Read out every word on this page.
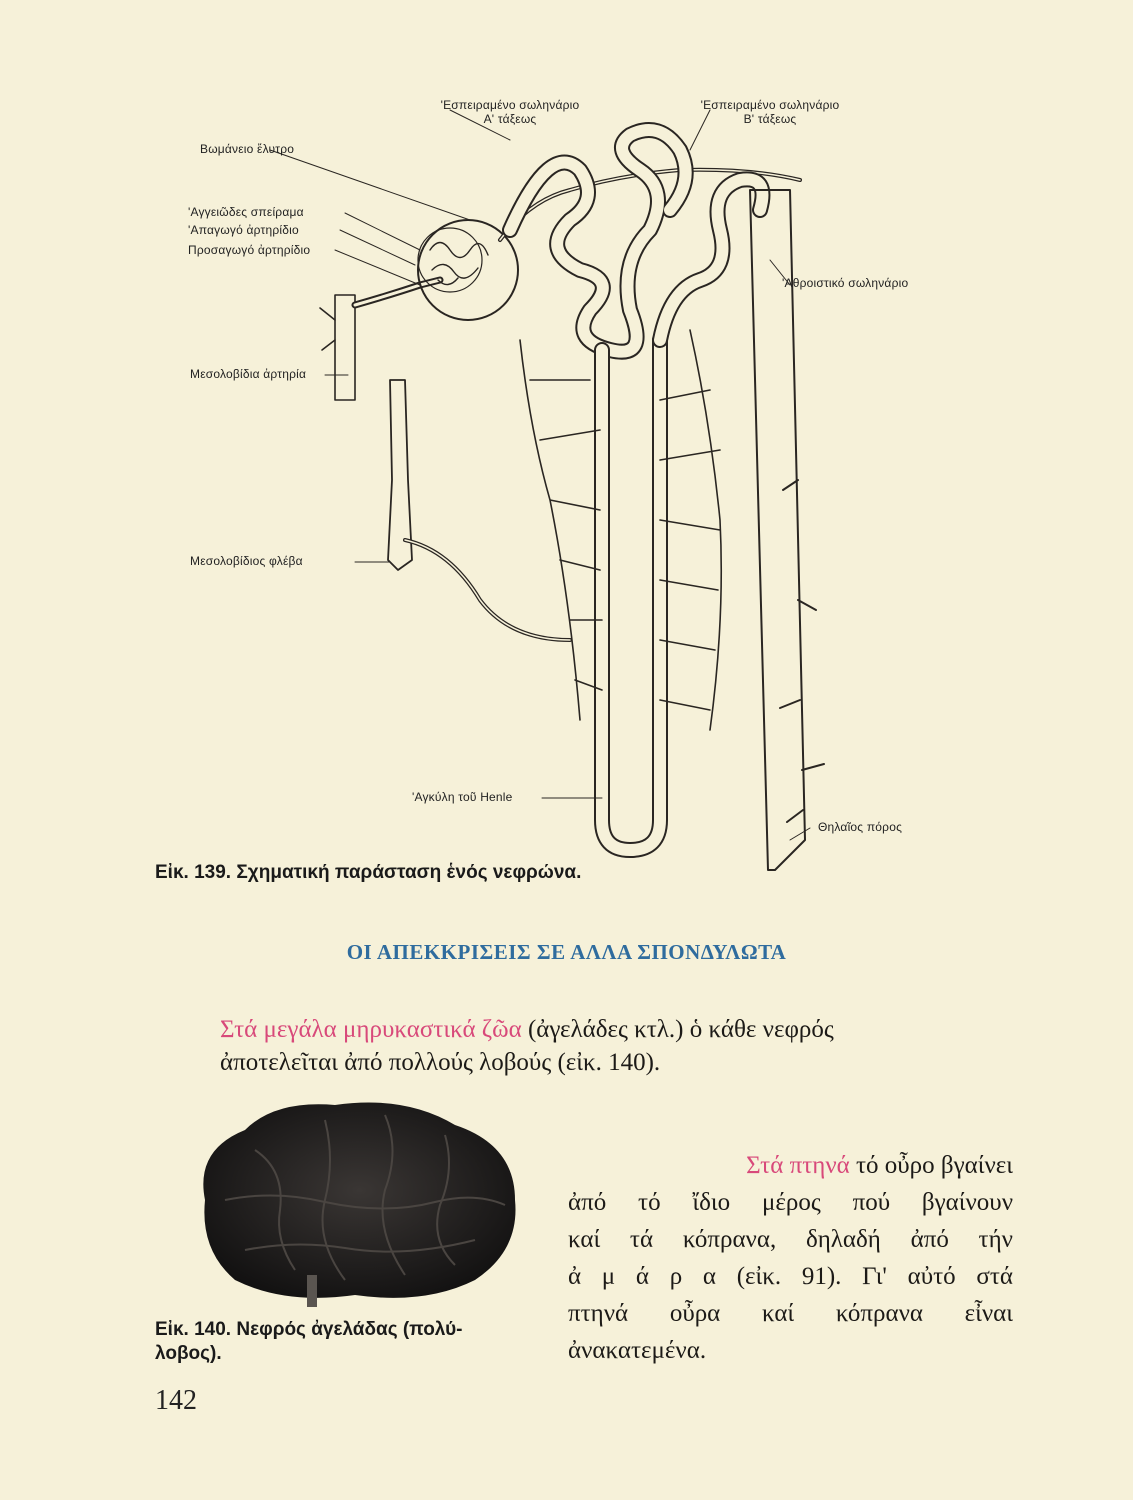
'Εσπειραμένο σωληνάριο
Α' τάξεως
'Εσπειραμένο σωληνάριο
Β' τάξεως
Βωμάνειο ἔλυτρο
'Αγγειῶδες σπείραμα
'Απαγωγό ἀρτηρίδιο
Προσαγωγό ἀρτηρίδιο
'Αθροιστικό σωληνάριο
Μεσολοβίδια ἀρτηρία
Μεσολοβίδιος φλέβα
'Αγκύλη τοῦ Henle
Θηλαῖος πόρος
Εἰκ. 139. Σχηματική παράσταση ἑνός νεφρώνα.
ΟΙ ΑΠΕΚΚΡΙΣΕΙΣ ΣΕ ΑΛΛΑ ΣΠΟΝΔΥΛΩΤΑ
Στά μεγάλα μηρυκαστικά ζῶα (ἀγελάδες κτλ.) ὁ κάθε νεφρός
ἀποτελεῖται ἀπό πολλούς λοβούς (εἰκ. 140).
Στά πτηνά τό οὖρο βγαίνει
ἀπό τό ἴδιο μέρος πού βγαίνουν
καί τά κόπρανα, δηλαδή ἀπό τήν
ἀ μ ά ρ α (εἰκ. 91). Γι' αὐτό στά
πτηνά οὖρα καί κόπρανα εἶναι
ἀνακατεμένα.
Εἰκ. 140. Νεφρός ἀγελάδας (πολύ-
λοβος).
142
